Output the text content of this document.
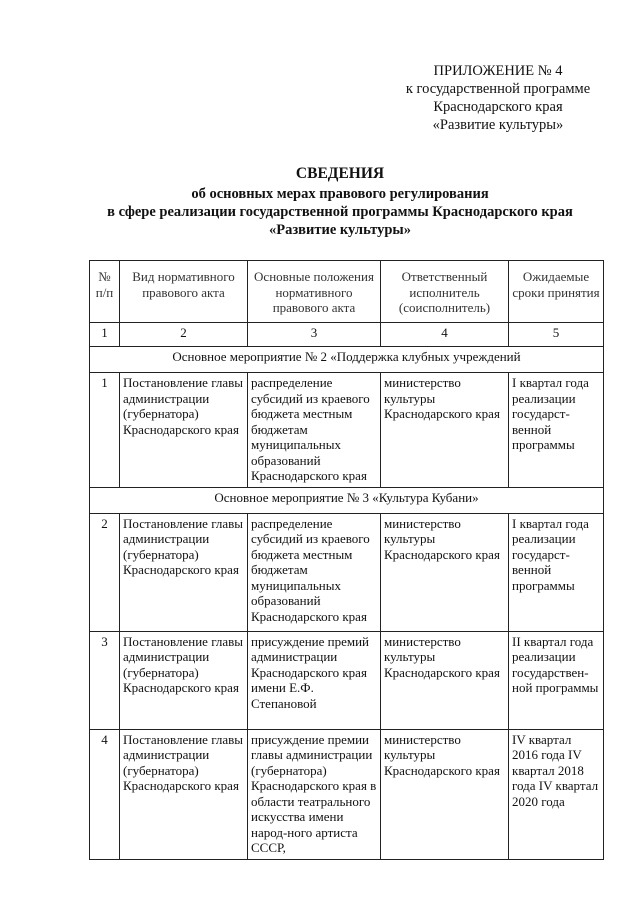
ПРИЛОЖЕНИЕ № 4
к государственной программе
Краснодарского края
«Развитие культуры»
СВЕДЕНИЯ
об основных мерах правового регулирования
в сфере реализации государственной программы Краснодарского края
«Развитие культуры»
№ п/п	Вид нормативного правового акта	Основные положения нормативного правового акта	Ответственный исполнитель (соисполнитель)	Ожидаемые сроки принятия
1	2	3	4	5
Основное мероприятие № 2 «Поддержка клубных учреждений				
1	Постановление главы администрации (губернатора) Краснодарского края	распределение субсидий из краевого бюджета местным бюджетам муниципальных образований Краснодарского края	министерство культуры Краснодарского края	I квартал года реализации государст-венной программы
Основное мероприятие № 3 «Культура Кубани»				
2	Постановление главы администрации (губернатора) Краснодарского края	распределение субсидий из краевого бюджета местным бюджетам муниципальных образований Краснодарского края	министерство культуры Краснодарского края	I квартал года реализации государст-венной программы
3	Постановление главы администрации (губернатора) Краснодарского края	присуждение премий администрации Краснодарского края имени Е.Ф. Степановой	министерство культуры Краснодарского края	II квартал года реализации государствен-ной программы
4	Постановление главы администрации (губернатора) Краснодарского края	присуждение премии главы администрации (губернатора) Краснодарского края в области театрального искусства имени народ-ного артиста СССР,	министерство культуры Краснодарского края	IV квартал 2016 года IV квартал 2018 года IV квартал 2020 года
